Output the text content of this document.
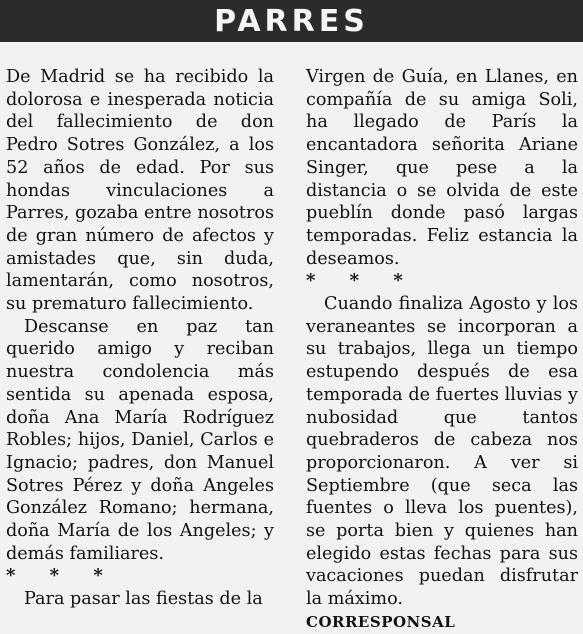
PARRES

De Madrid se ha recibido la dolorosa e inesperada noticia del fallecimiento de don Pedro Sotres González, a los 52 años de edad. Por sus hondas vinculaciones a Parres, gozaba entre nosotros de gran número de afectos y amistades que, sin duda, lamentarán, como nosotros, su prematuro fallecimiento.

Descanse en paz tan querido amigo y reciban nuestra condolencia más sentida su apenada esposa, doña Ana María Rodríguez Robles; hijos, Daniel, Carlos e Ignacio; padres, don Manuel Sotres Pérez y doña Angeles González Romano; hermana, doña María de los Angeles; y demás familiares.

* * *

Para pasar las fiestas de la

Virgen de Guía, en Llanes, en compañía de su amiga Soli, ha llegado de París la encantadora señorita Ariane Singer, que pese a la distancia o se olvida de este pueblín donde pasó largas temporadas. Feliz estancia la deseamos.

* * *

Cuando finaliza Agosto y los veraneantes se incorporan a su trabajos, llega un tiempo estupendo después de esa temporada de fuertes lluvias y nubosidad que tantos quebraderos de cabeza nos proporcionaron. A ver si Septiembre (que seca las fuentes o lleva los puentes), se porta bien y quienes han elegido estas fechas para sus vacaciones puedan disfrutar la máximo.

CORRESPONSAL
